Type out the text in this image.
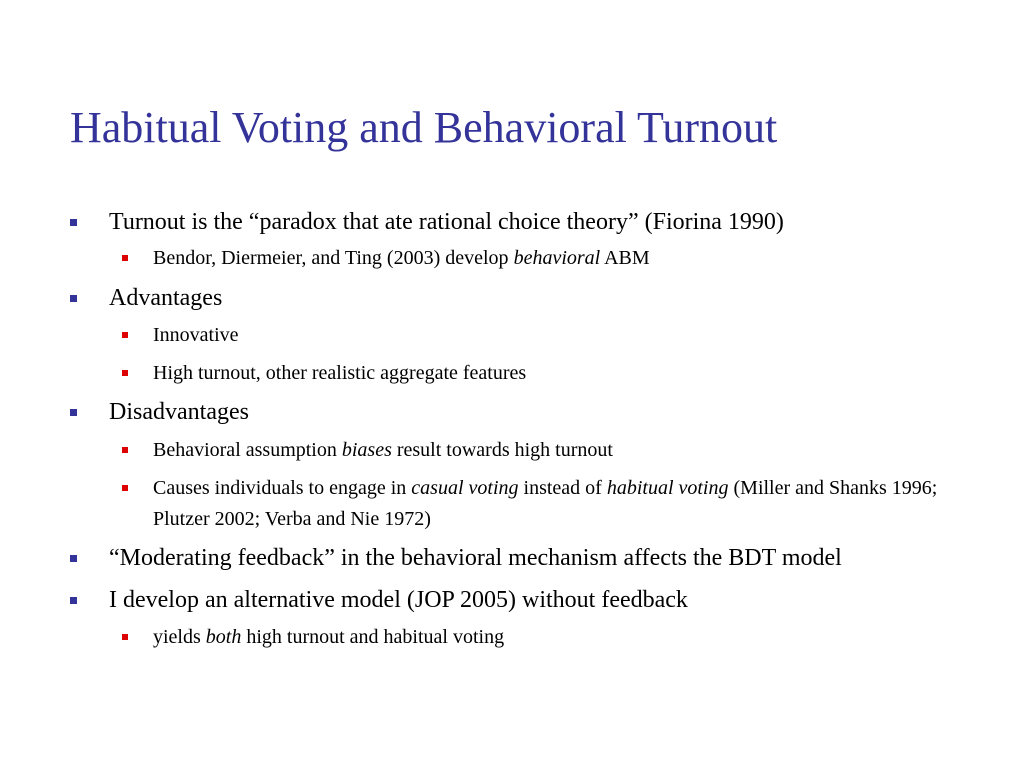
Habitual Voting and Behavioral Turnout
Turnout is the “paradox that ate rational choice theory” (Fiorina 1990)
Bendor, Diermeier, and Ting (2003) develop behavioral ABM
Advantages
Innovative
High turnout, other realistic aggregate features
Disadvantages
Behavioral assumption biases result towards high turnout
Causes individuals to engage in casual voting instead of habitual voting (Miller and Shanks 1996; Plutzer 2002; Verba and Nie 1972)
“Moderating feedback” in the behavioral mechanism affects the BDT model
I develop an alternative model (JOP 2005) without feedback
yields both high turnout and habitual voting
